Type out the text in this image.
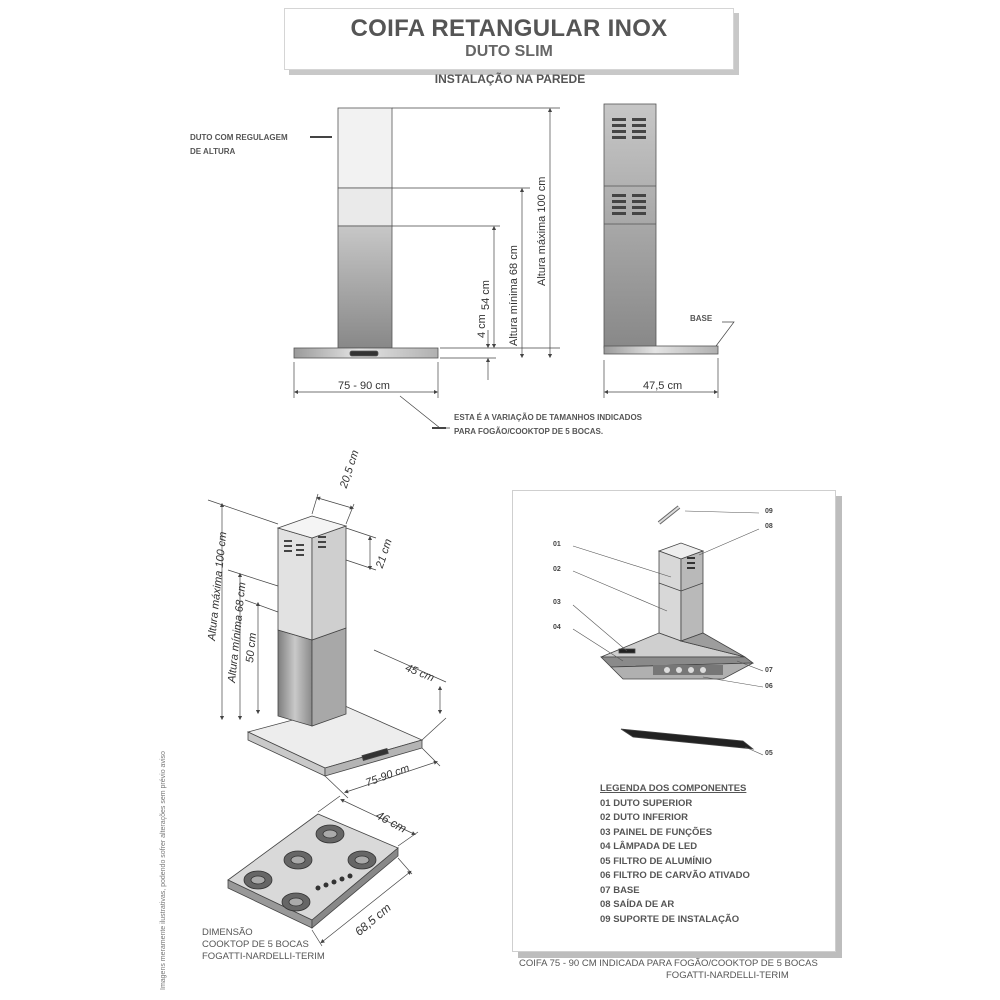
COIFA RETANGULAR INOX
DUTO SLIM
INSTALAÇÃO NA PAREDE
DUTO COM REGULAGEM
DE ALTURA
75 - 90 cm
4 cm
54 cm Altura mínima 68 cm
Altura máxima 100 cm
ESTA É A VARIAÇÃO DE TAMANHOS INDICADOS
PARA FOGÃO/COOKTOP DE 5 BOCAS.
BASE
47,5 cm
20,5 cm
21 cm
Altura máxima 100 cm
Altura mínima 68 cm
50 cm
45 cm
75-90 cm
46 cm
68,5 cm
DIMENSÃO
COOKTOP DE 5 BOCAS
FOGATTI-NARDELLI-TERIM
Imagens meramente ilustrativas, podendo sofrer alterações sem prévio aviso
01
02
03
04
05
06
07
08
09
LEGENDA DOS COMPONENTES
01 DUTO SUPERIOR
02 DUTO INFERIOR
03 PAINEL DE FUNÇÕES
04 LÂMPADA DE LED
05 FILTRO DE ALUMÍNIO
06 FILTRO DE CARVÃO ATIVADO
07 BASE
08 SAÍDA DE AR
09 SUPORTE DE INSTALAÇÃO
COIFA 75 - 90 CM INDICADA PARA FOGÃO/COOKTOP DE 5 BOCAS
FOGATTI-NARDELLI-TERIM
